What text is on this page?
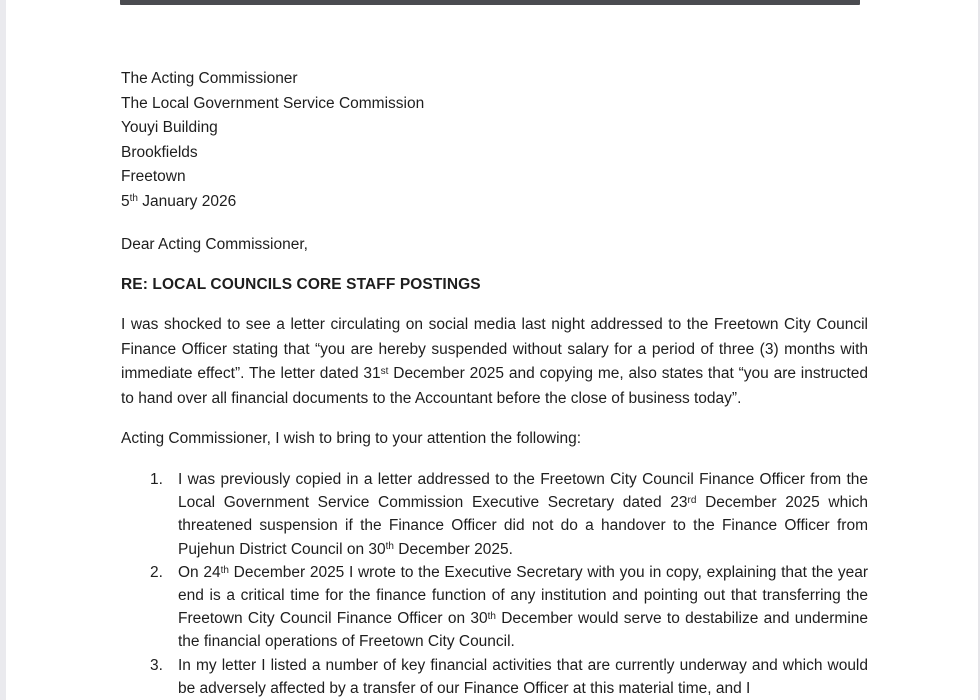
The Acting Commissioner
The Local Government Service Commission
Youyi Building
Brookfields
Freetown
5th January 2026
Dear Acting Commissioner,
RE: LOCAL COUNCILS CORE STAFF POSTINGS
I was shocked to see a letter circulating on social media last night addressed to the Freetown City Council Finance Officer stating that “you are hereby suspended without salary for a period of three (3) months with immediate effect”. The letter dated 31st December 2025 and copying me, also states that “you are instructed to hand over all financial documents to the Accountant before the close of business today”.
Acting Commissioner, I wish to bring to your attention the following:
1. I was previously copied in a letter addressed to the Freetown City Council Finance Officer from the Local Government Service Commission Executive Secretary dated 23rd December 2025 which threatened suspension if the Finance Officer did not do a handover to the Finance Officer from Pujehun District Council on 30th December 2025.
2. On 24th December 2025 I wrote to the Executive Secretary with you in copy, explaining that the year end is a critical time for the finance function of any institution and pointing out that transferring the Freetown City Council Finance Officer on 30th December would serve to destabilize and undermine the financial operations of Freetown City Council.
3. In my letter I listed a number of key financial activities that are currently underway and which would be adversely affected by a transfer of our Finance Officer at this material time, and I
